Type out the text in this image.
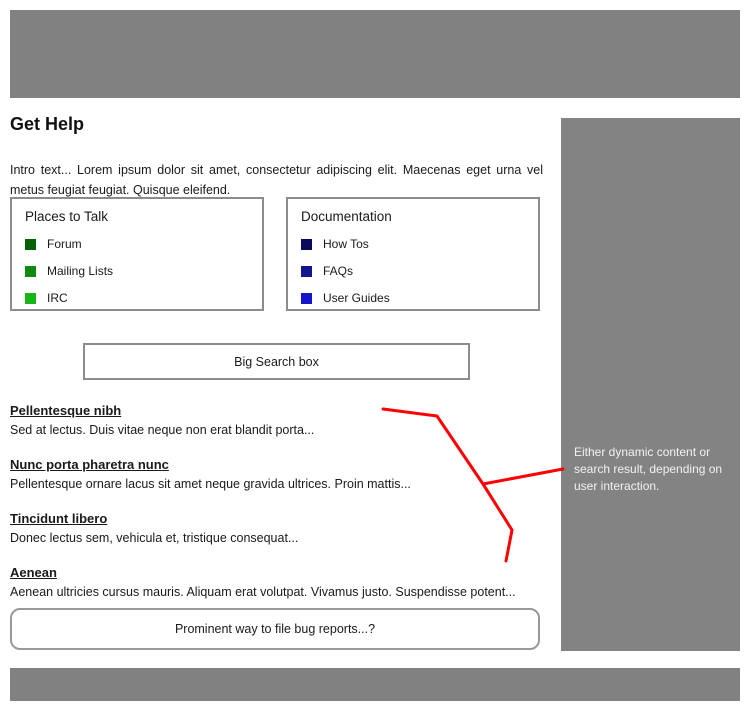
Get Help

Intro text... Lorem ipsum dolor sit amet, consectetur adipiscing elit. Maecenas eget urna vel metus feugiat feugiat. Quisque eleifend.

Places to Talk
Forum
Mailing Lists
IRC
Documentation
How Tos
FAQs
User Guides
Big Search box
Pellentesque nibh
Sed at lectus. Duis vitae neque non erat blandit porta...
Nunc porta pharetra nunc
Pellentesque ornare lacus sit amet neque gravida ultrices. Proin mattis...
Tincidunt libero
Donec lectus sem, vehicula et, tristique consequat...
Aenean
Aenean ultricies cursus mauris. Aliquam erat volutpat. Vivamus justo. Suspendisse potent...
Either dynamic content or search result, depending on user interaction.
Prominent way to file bug reports...?
